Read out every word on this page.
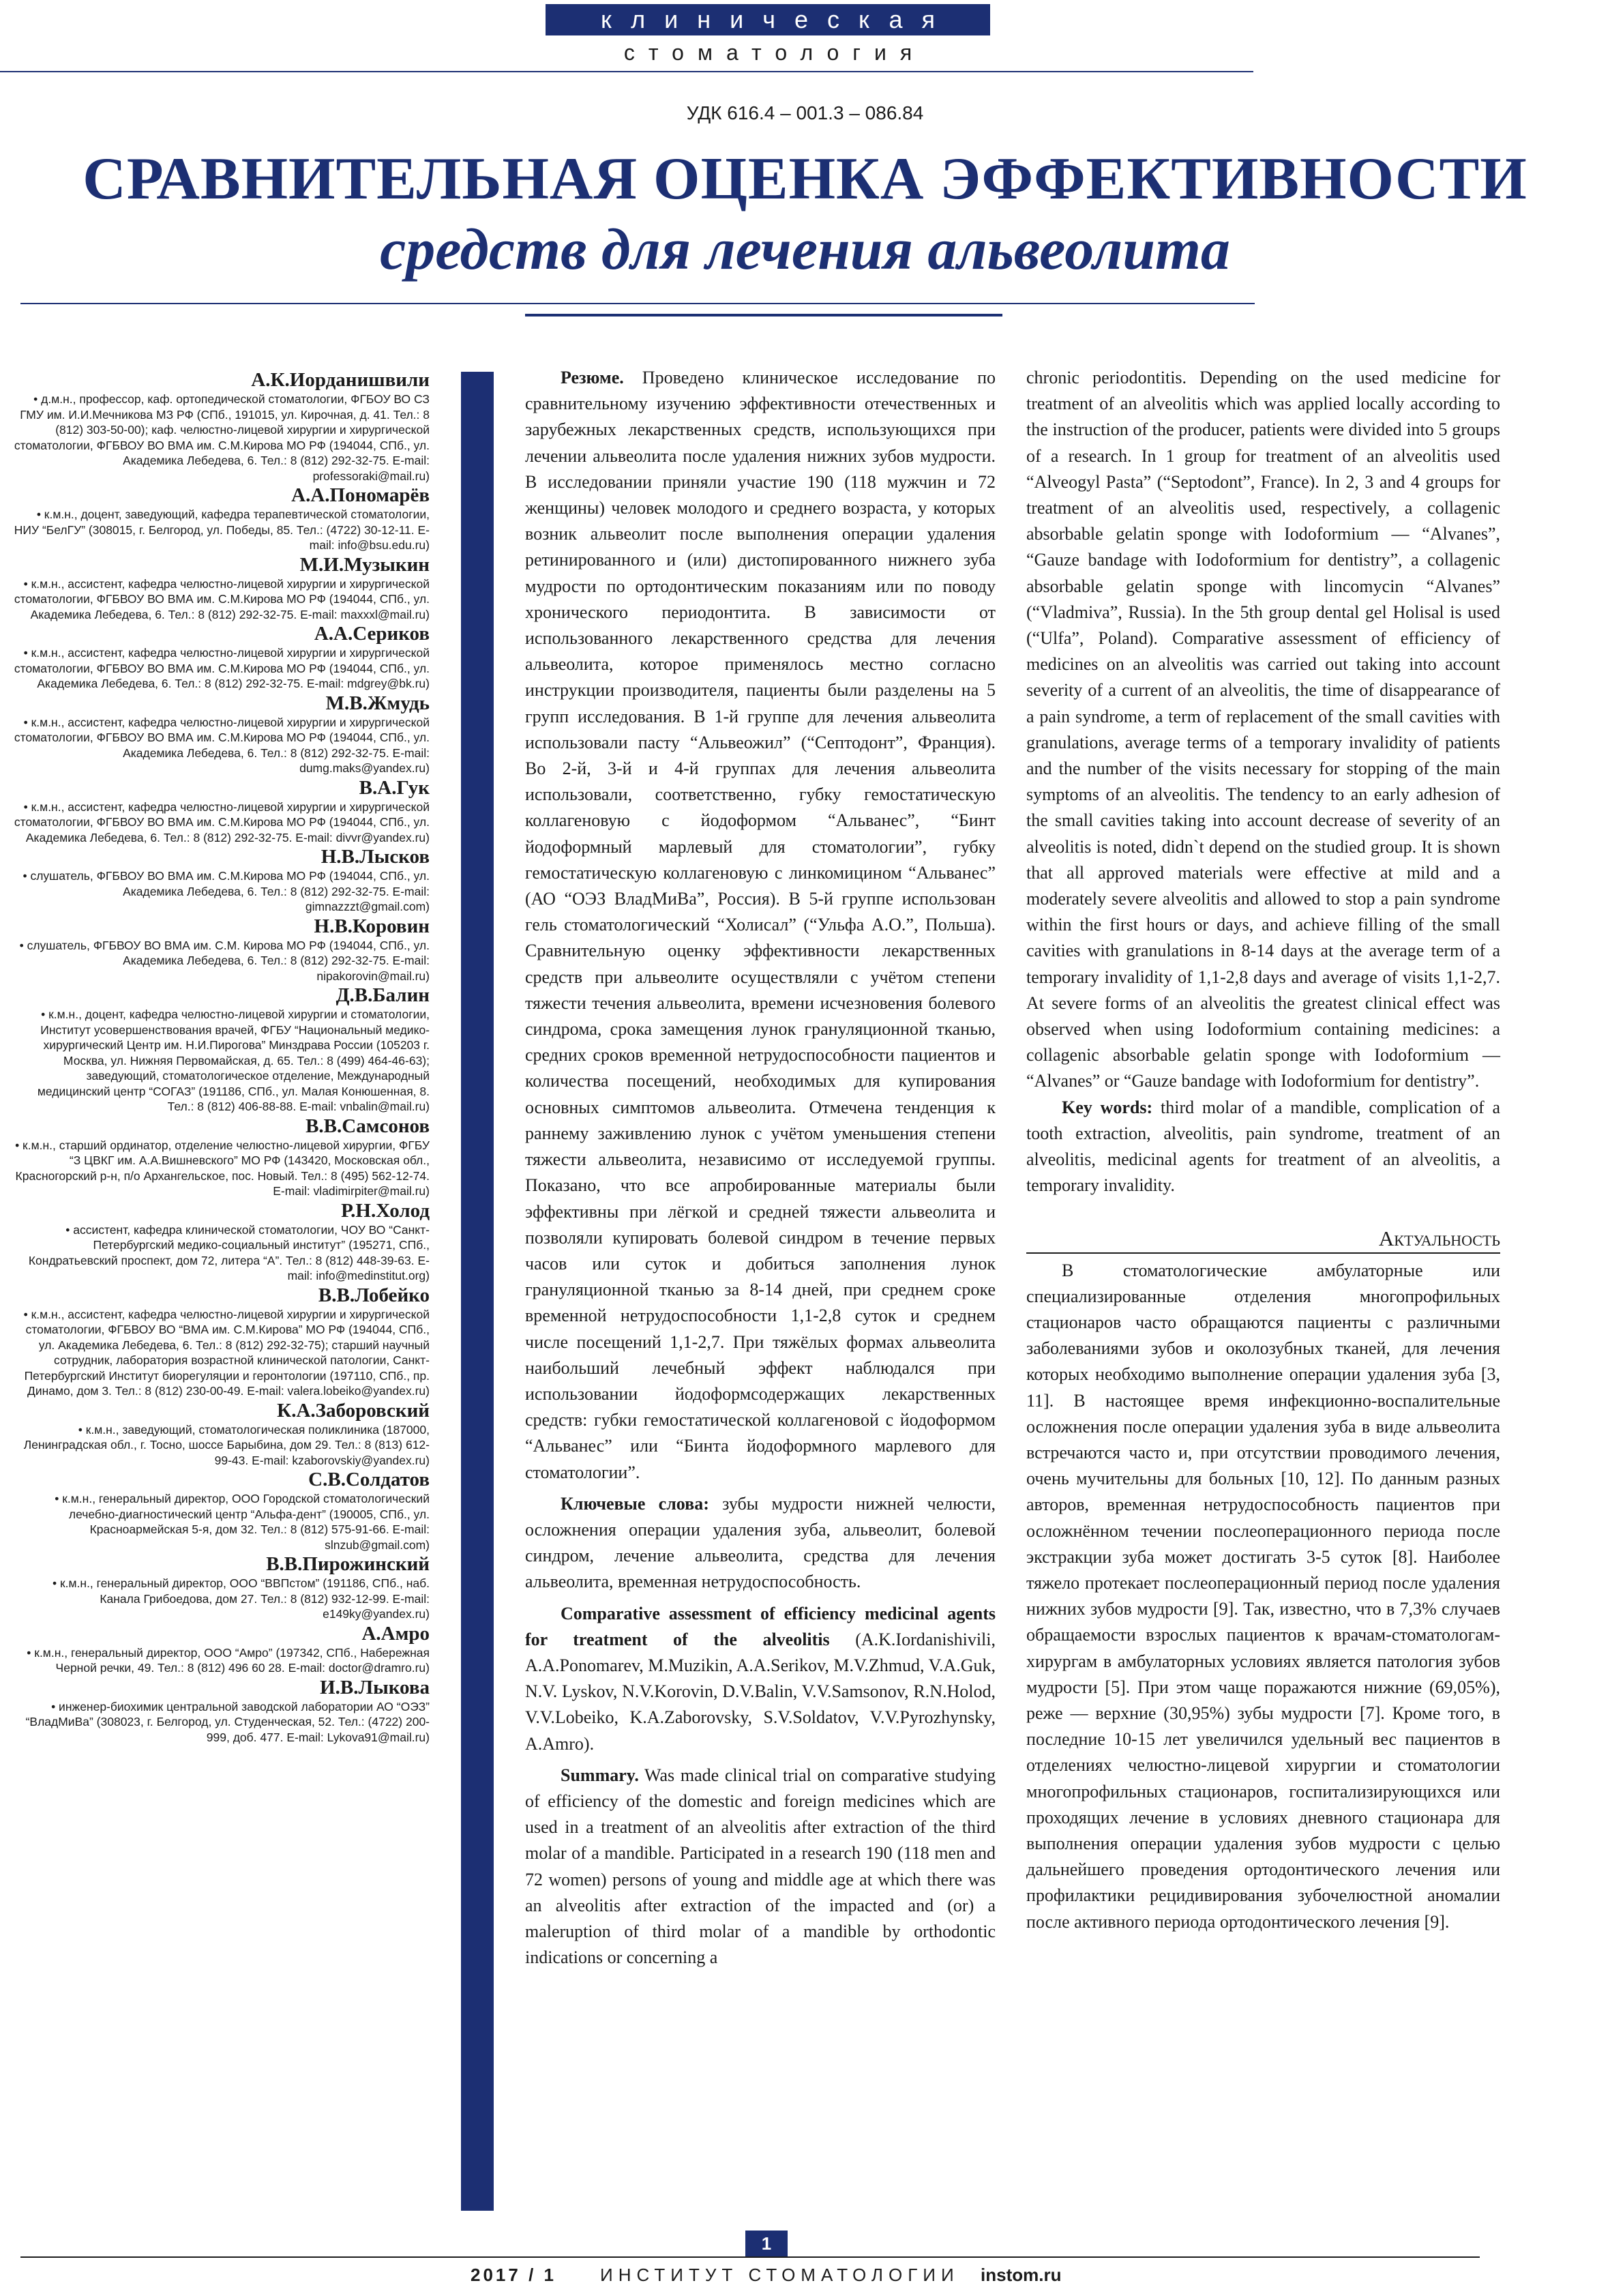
клиническая
стоматология
УДК 616.4 – 001.3 – 086.84
СРАВНИТЕЛЬНАЯ ОЦЕНКА ЭФФЕКТИВНОСТИ
средств для лечения альвеолита
А.К.Иорданишвили
• д.м.н., профессор, каф. ортопедической стоматологии, ФГБОУ ВО СЗ ГМУ им. И.И.Мечникова МЗ РФ (СПб., 191015, ул. Кирочная, д. 41. Тел.: 8 (812) 303-50-00); каф. челюстно-лицевой хирургии и хирургической стоматологии, ФГБВОУ ВО ВМА им. С.М.Кирова МО РФ (194044, СПб., ул. Академика Лебедева, 6. Тел.: 8 (812) 292-32-75. E-mail: professoraki@mail.ru)
А.А.Пономарёв
• к.м.н., доцент, заведующий, кафедра терапевтической стоматологии, НИУ “БелГУ” (308015, г. Белгород, ул. Победы, 85. Тел.: (4722) 30-12-11. E-mail: info@bsu.edu.ru)
М.И.Музыкин
• к.м.н., ассистент, кафедра челюстно-лицевой хирургии и хирургической стоматологии, ФГБВОУ ВО ВМА им. С.М.Кирова МО РФ (194044, СПб., ул. Академика Лебедева, 6. Тел.: 8 (812) 292-32-75. E-mail: maxxxl@mail.ru)
А.А.Сериков
• к.м.н., ассистент, кафедра челюстно-лицевой хирургии и хирургической стоматологии, ФГБВОУ ВО ВМА им. С.М.Кирова МО РФ (194044, СПб., ул. Академика Лебедева, 6. Тел.: 8 (812) 292-32-75. E-mail: mdgrey@bk.ru)
М.В.Жмудь
• к.м.н., ассистент, кафедра челюстно-лицевой хирургии и хирургической стоматологии, ФГБВОУ ВО ВМА им. С.М.Кирова МО РФ (194044, СПб., ул. Академика Лебедева, 6. Тел.: 8 (812) 292-32-75. E-mail: dumg.maks@yandex.ru)
В.А.Гук
• к.м.н., ассистент, кафедра челюстно-лицевой хирургии и хирургической стоматологии, ФГБВОУ ВО ВМА им. С.М.Кирова МО РФ (194044, СПб., ул. Академика Лебедева, 6. Тел.: 8 (812) 292-32-75. E-mail: divvr@yandex.ru)
Н.В.Лысков
• слушатель, ФГБВОУ ВО ВМА им. С.М.Кирова МО РФ (194044, СПб., ул. Академика Лебедева, 6. Тел.: 8 (812) 292-32-75. E-mail: gimnazzzt@gmail.com)
Н.В.Коровин
• слушатель, ФГБВОУ ВО ВМА им. С.М. Кирова МО РФ (194044, СПб., ул. Академика Лебедева, 6. Тел.: 8 (812) 292-32-75. E-mail: nipakorovin@mail.ru)
Д.В.Балин
• к.м.н., доцент, кафедра челюстно-лицевой хирургии и стоматологии, Институт усовершенствования врачей, ФГБУ “Национальный медико-хирургический Центр им. Н.И.Пирогова” Минздрава России (105203 г. Москва, ул. Нижняя Первомайская, д. 65. Тел.: 8 (499) 464-46-63); заведующий, стоматологическое отделение, Международный медицинский центр “СОГАЗ” (191186, СПб., ул. Малая Конюшенная, 8. Тел.: 8 (812) 406-88-88. E-mail: vnbalin@mail.ru)
В.В.Самсонов
• к.м.н., старший ординатор, отделение челюстно-лицевой хирургии, ФГБУ “З ЦВКГ им. А.А.Вишневского” МО РФ (143420, Московская обл., Красногорский р-н, п/о Архангельское, пос. Новый. Тел.: 8 (495) 562-12-74. E-mail: vladimirpiter@mail.ru)
Р.Н.Холод
• ассистент, кафедра клинической стоматологии, ЧОУ ВО “Санкт-Петербургский медико-социальный институт” (195271, СПб., Кондратьевский проспект, дом 72, литера “А”. Тел.: 8 (812) 448-39-63. E-mail: info@medinstitut.org)
В.В.Лобейко
• к.м.н., ассистент, кафедра челюстно-лицевой хирургии и хирургической стоматологии, ФГБВОУ ВО “ВМА им. С.М.Кирова” МО РФ (194044, СПб., ул. Академика Лебедева, 6. Тел.: 8 (812) 292-32-75); старший научный сотрудник, лаборатория возрастной клинической патологии, Санкт-Петербургский Институт биорегуляции и геронтологии (197110, СПб., пр. Динамо, дом 3. Тел.: 8 (812) 230-00-49. E-mail: valera.lobeiko@yandex.ru)
К.А.Заборовский
• к.м.н., заведующий, стоматологическая поликлиника (187000, Ленинградская обл., г. Тосно, шоссе Барыбина, дом 29. Тел.: 8 (813) 612-99-43. E-mail: kzaborovskiy@yandex.ru)
С.В.Солдатов
• к.м.н., генеральный директор, ООО Городской стоматологический лечебно-диагностический центр “Альфа-дент” (190005, СПб., ул. Красноармейская 5-я, дом 32. Тел.: 8 (812) 575-91-66. E-mail: slnzub@gmail.com)
В.В.Пирожинский
• к.м.н., генеральный директор, ООО “ВВПстом” (191186, СПб., наб. Канала Грибоедова, дом 27. Тел.: 8 (812) 932-12-99. E-mail: e149ky@yandex.ru)
А.Амро
• к.м.н., генеральный директор, ООО “Амро” (197342, СПб., Набережная Черной речки, 49. Тел.: 8 (812) 496 60 28. E-mail: doctor@dramro.ru)
И.В.Лыкова
• инженер-биохимик центральной заводской лаборатории АО “ОЭЗ” “ВладМиВа” (308023, г. Белгород, ул. Студенческая, 52. Тел.: (4722) 200-999, доб. 477. E-mail: Lykova91@mail.ru)

Резюме. Проведено клиническое исследование по сравнительному изучению эффективности отечественных и зарубежных лекарственных средств, использующихся при лечении альвеолита после удаления нижних зубов мудрости. В исследовании приняли участие 190 (118 мужчин и 72 женщины) человек молодого и среднего возраста, у которых возник альвеолит после выполнения операции удаления ретинированного и (или) дистопированного нижнего зуба мудрости по ортодонтическим показаниям или по поводу хронического периодонтита. В зависимости от использованного лекарственного средства для лечения альвеолита, которое применялось местно согласно инструкции производителя, пациенты были разделены на 5 групп исследования. В 1-й группе для лечения альвеолита использовали пасту “Альвеожил” (“Септодонт”, Франция). Во 2-й, 3-й и 4-й группах для лечения альвеолита использовали, соответственно, губку гемостатическую коллагеновую с йодоформом “Альванес”, “Бинт йодоформный марлевый для стоматологии”, губку гемостатическую коллагеновую с линкомицином “Альванес” (АО “ОЭЗ ВладМиВа”, Россия). В 5-й группе использован гель стоматологический “Холисал” (“Ульфа А.О.”, Польша). Сравнительную оценку эффективности лекарственных средств при альвеолите осуществляли с учётом степени тяжести течения альвеолита, времени исчезновения болевого синдрома, срока замещения лунок грануляционной тканью, средних сроков временной нетрудоспособности пациентов и количества посещений, необходимых для купирования основных симптомов альвеолита. Отмечена тенденция к раннему заживлению лунок с учётом уменьшения степени тяжести альвеолита, независимо от исследуемой группы. Показано, что все апробированные материалы были эффективны при лёгкой и средней тяжести альвеолита и позволяли купировать болевой синдром в течение первых часов или суток и добиться заполнения лунок грануляционной тканью за 8-14 дней, при среднем сроке временной нетрудоспособности 1,1-2,8 суток и среднем числе посещений 1,1-2,7. При тяжёлых формах альвеолита наибольший лечебный эффект наблюдался при использовании йодоформсодержащих лекарственных средств: губки гемостатической коллагеновой с йодоформом “Альванес” или “Бинта йодоформного марлевого для стоматологии”.

Ключевые слова: зубы мудрости нижней челюсти, осложнения операции удаления зуба, альвеолит, болевой синдром, лечение альвеолита, средства для лечения альвеолита, временная нетрудоспособность.

Comparative assessment of efficiency medicinal agents for treatment of the alveolitis (A.K.Iordanishivili, A.A.Ponomarev, M.Muzikin, A.A.Serikov, M.V.Zhmud, V.A.Guk, N.V. Lyskov, N.V.Korovin, D.V.Balin, V.V.Samsonov, R.N.Holod, V.V.Lobeiko, K.A.Zaborovsky, S.V.Soldatov, V.V.Pyrozhynsky, A.Amro).

Summary. Was made clinical trial on comparative studying of efficiency of the domestic and foreign medicines which are used in a treatment of an alveolitis after extraction of the third molar of a mandible. Participated in a research 190 (118 men and 72 women) persons of young and middle age at which there was an alveolitis after extraction of the impacted and (or) a maleruption of third molar of a mandible by orthodontic indications or concerning a

chronic periodontitis. Depending on the used medicine for treatment of an alveolitis which was applied locally according to the instruction of the producer, patients were divided into 5 groups of a research. In 1 group for treatment of an alveolitis used “Alveogyl Pasta” (“Septodont”, France). In 2, 3 and 4 groups for treatment of an alveolitis used, respectively, a collagenic absorbable gelatin sponge with Iodoformium — “Alvanes”, “Gauze bandage with Iodoformium for dentistry”, a collagenic absorbable gelatin sponge with lincomycin “Alvanes” (“Vladmiva”, Russia). In the 5th group dental gel Holisal is used (“Ulfa”, Poland). Comparative assessment of efficiency of medicines on an alveolitis was carried out taking into account severity of a current of an alveolitis, the time of disappearance of a pain syndrome, a term of replacement of the small cavities with granulations, average terms of a temporary invalidity of patients and the number of the visits necessary for stopping of the main symptoms of an alveolitis. The tendency to an early adhesion of the small cavities taking into account decrease of severity of an alveolitis is noted, didn`t depend on the studied group. It is shown that all approved materials were effective at mild and a moderately severe alveolitis and allowed to stop a pain syndrome within the first hours or days, and achieve filling of the small cavities with granulations in 8-14 days at the average term of a temporary invalidity of 1,1-2,8 days and average of visits 1,1-2,7. At severe forms of an alveolitis the greatest clinical effect was observed when using Iodoformium containing medicines: a collagenic absorbable gelatin sponge with Iodoformium — “Alvanes” or “Gauze bandage with Iodoformium for dentistry”.

Key words: third molar of a mandible, complication of a tooth extraction, alveolitis, pain syndrome, treatment of an alveolitis, medicinal agents for treatment of an alveolitis, a temporary invalidity.

Актуальность

В стоматологические амбулаторные или специализированные отделения многопрофильных стационаров часто обращаются пациенты с различными заболеваниями зубов и околозубных тканей, для лечения которых необходимо выполнение операции удаления зуба [3, 11]. В настоящее время инфекционно-воспалительные осложнения после операции удаления зуба в виде альвеолита встречаются часто и, при отсутствии проводимого лечения, очень мучительны для больных [10, 12]. По данным разных авторов, временная нетрудоспособность пациентов при осложнённом течении послеоперационного периода после экстракции зуба может достигать 3-5 суток [8]. Наиболее тяжело протекает послеоперационный период после удаления нижних зубов мудрости [9]. Так, известно, что в 7,3% случаев обращаемости взрослых пациентов к врачам-стоматологам-хирургам в амбулаторных условиях является патология зубов мудрости [5]. При этом чаще поражаются нижние (69,05%), реже — верхние (30,95%) зубы мудрости [7]. Кроме того, в последние 10-15 лет увеличился удельный вес пациентов в отделениях челюстно-лицевой хирургии и стоматологии многопрофильных стационаров, госпитализирующихся или проходящих лечение в условиях дневного стационара для выполнения операции удаления зубов мудрости с целью дальнейшего проведения ортодонтического лечения или профилактики рецидивирования зубочелюстной аномалии после активного периода ортодонтического лечения [9].

1
2017 / 1 ИНСТИТУТ СТОМАТОЛОГИИ instom.ru
